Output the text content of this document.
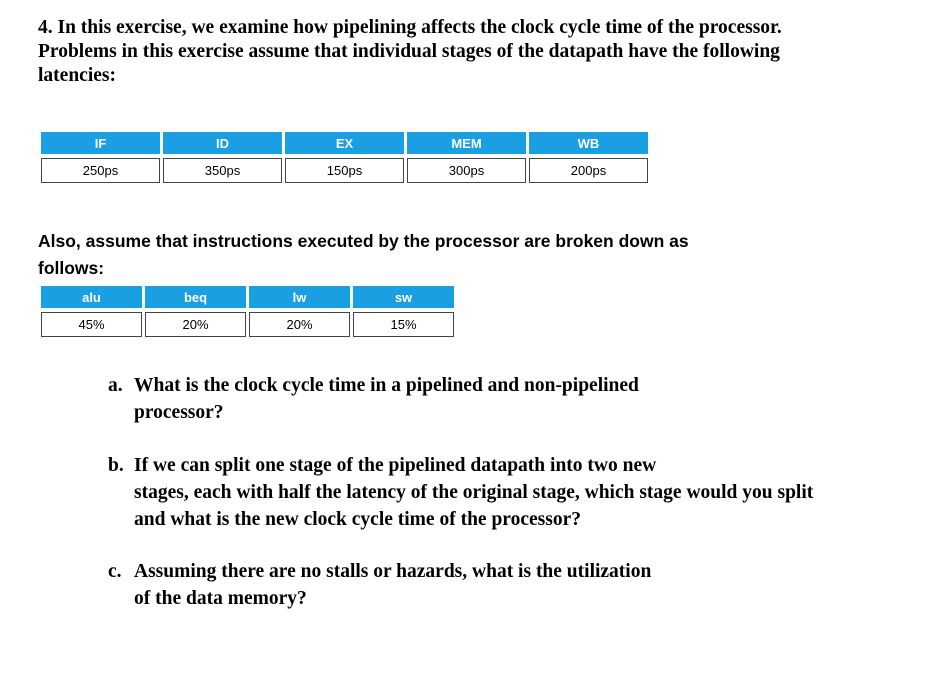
4. In this exercise, we examine how pipelining affects the clock cycle time of the processor.
Problems in this exercise assume that individual stages of the datapath have the following
latencies:

IF	ID	EX	MEM	WB
250ps	350ps	150ps	300ps	200ps

Also, assume that instructions executed by the processor are broken down as
follows:

alu	beq	lw	sw
45%	20%	20%	15%

a. What is the clock cycle time in a pipelined and non-pipelined
processor?

b. If we can split one stage of the pipelined datapath into two new
stages, each with half the latency of the original stage, which stage would you split
and what is the new clock cycle time of the processor?

c. Assuming there are no stalls or hazards, what is the utilization
of the data memory?
